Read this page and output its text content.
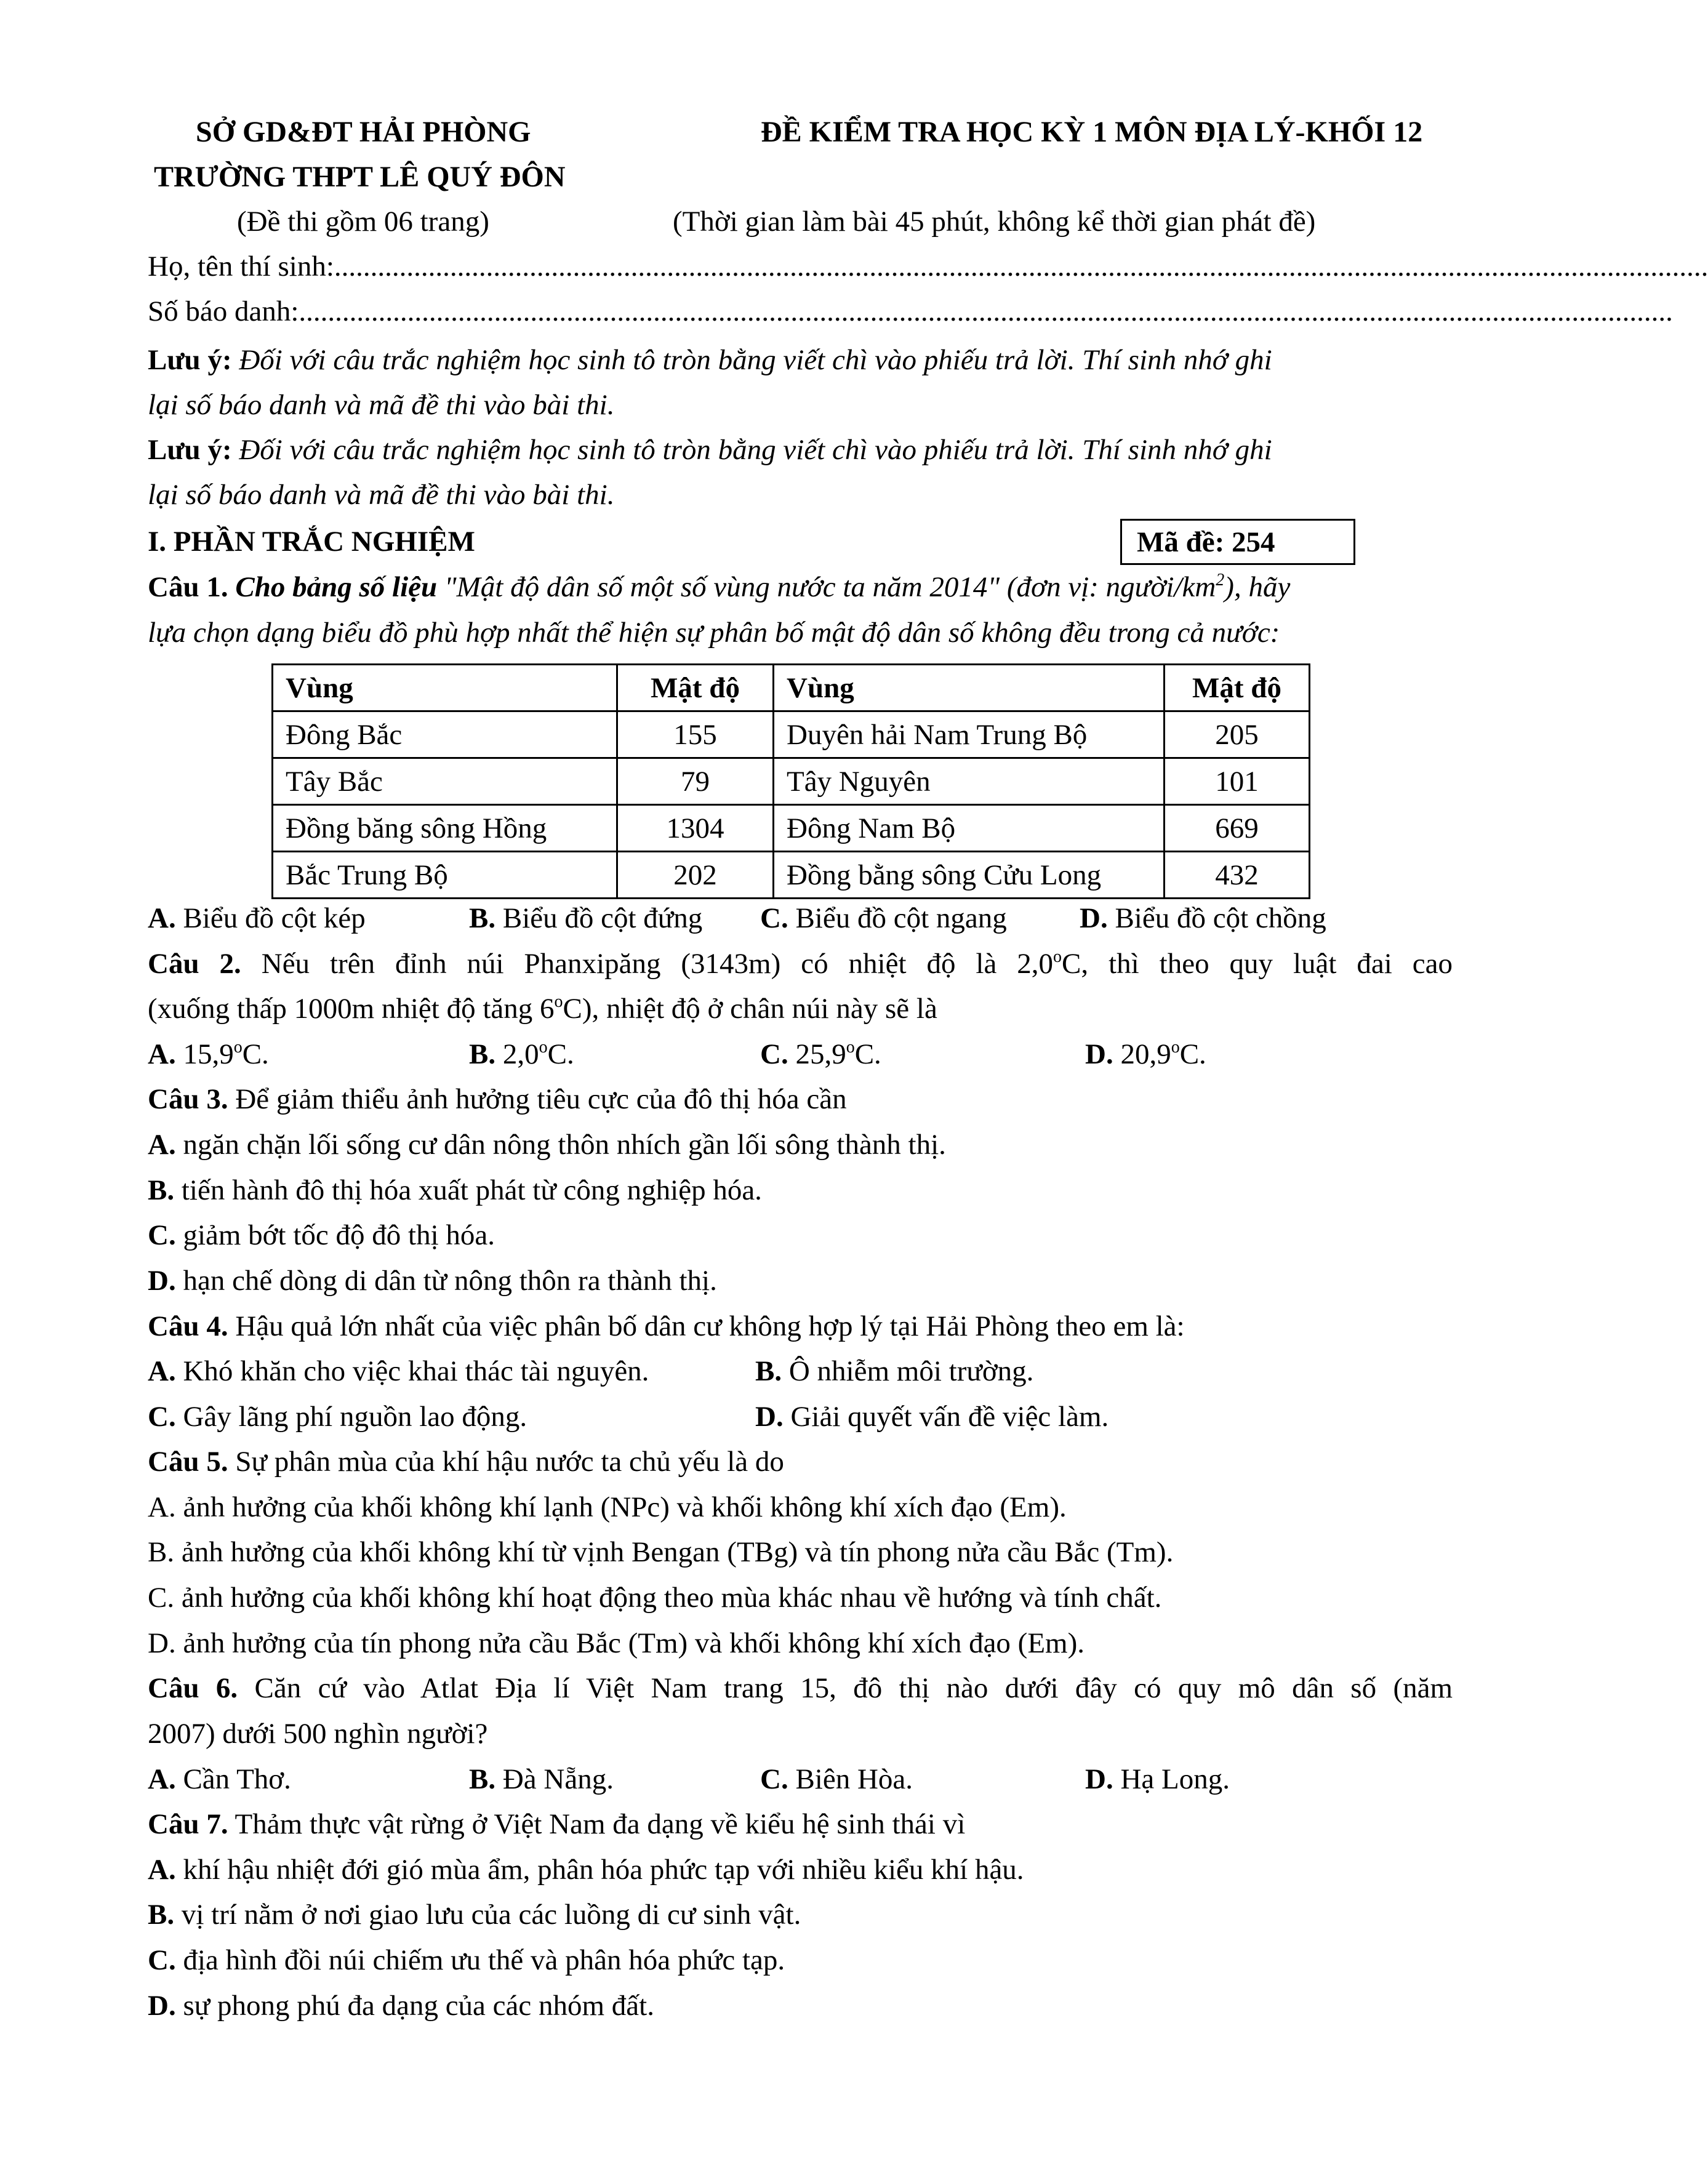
SỞ GD&ĐT HẢI PHÒNG	ĐỀ KIỂM TRA HỌC KỲ 1 MÔN ĐỊA LÝ-KHỐI 12
TRƯỜNG THPT LÊ QUÝ ĐÔN
(Đề thi gồm 06 trang)	(Thời gian làm bài 45 phút, không kể thời gian phát đề)
Họ, tên thí sinh:..............................................................................................................................................................................................
Số báo danh:..............................................................................................................................................................................................
Lưu ý: Đối với câu trắc nghiệm học sinh tô tròn bằng viết chì vào phiếu trả lời. Thí sinh nhớ ghi
lại số báo danh và mã đề thi vào bài thi.
Lưu ý: Đối với câu trắc nghiệm học sinh tô tròn bằng viết chì vào phiếu trả lời. Thí sinh nhớ ghi
lại số báo danh và mã đề thi vào bài thi.
I. PHẦN TRẮC NGHIỆM	Mã đề: 254
Câu 1. Cho bảng số liệu "Mật độ dân số một số vùng nước ta năm 2014" (đơn vị: người/$km^2$), hãy
lựa chọn dạng biểu đồ phù hợp nhất thể hiện sự phân bố mật độ dân số không đều trong cả nước:
Vùng	Mật độ	Vùng	Mật độ
Đông Bắc	155	Duyên hải Nam Trung Bộ	205
Tây Bắc	79	Tây Nguyên	101
Đồng băng sông Hồng	1304	Đông Nam Bộ	669
Bắc Trung Bộ	202	Đồng bằng sông Cửu Long	432
A. Biểu đồ cột kép	B. Biểu đồ cột đứng C. Biểu đồ cột ngang	D. Biểu đồ cột chồng
Câu 2. Nếu trên đỉnh núi Phanxipăng (3143m) có nhiệt độ là 2,0$^o$C, thì theo quy luật đai cao
(xuống thấp 1000m nhiệt độ tăng 6$^o$C), nhiệt độ ở chân núi này sẽ là
A. 15,9$^o$C.	B. 2,0$^o$C.	C. 25,9$^o$C.	D. 20,9$^o$C.
Câu 3. Để giảm thiểu ảnh hưởng tiêu cực của đô thị hóa cần
A. ngăn chặn lối sống cư dân nông thôn nhích gần lối sông thành thị.
B. tiến hành đô thị hóa xuất phát từ công nghiệp hóa.
C. giảm bớt tốc độ đô thị hóa.
D. hạn chế dòng di dân từ nông thôn ra thành thị.
Câu 4. Hậu quả lớn nhất của việc phân bố dân cư không hợp lý tại Hải Phòng theo em là:
A. Khó khăn cho việc khai thác tài nguyên.	B. Ô nhiễm môi trường.
C. Gây lãng phí nguồn lao động.	D. Giải quyết vấn đề việc làm.
Câu 5. Sự phân mùa của khí hậu nước ta chủ yếu là do
A. ảnh hưởng của khối không khí lạnh (NPc) và khối không khí xích đạo (Em).
B. ảnh hưởng của khối không khí từ vịnh Bengan (TBg) và tín phong nửa cầu Bắc (Tm).
C. ảnh hưởng của khối không khí hoạt động theo mùa khác nhau về hướng và tính chất.
D. ảnh hưởng của tín phong nửa cầu Bắc (Tm) và khối không khí xích đạo (Em).
Câu 6. Căn cứ vào Atlat Địa lí Việt Nam trang 15, đô thị nào dưới đây có quy mô dân số (năm
2007) dưới 500 nghìn người?
A. Cần Thơ.	B. Đà Nẵng.	C. Biên Hòa.	D. Hạ Long.
Câu 7. Thảm thực vật rừng ở Việt Nam đa dạng về kiểu hệ sinh thái vì
A. khí hậu nhiệt đới gió mùa ẩm, phân hóa phức tạp với nhiều kiểu khí hậu.
B. vị trí nằm ở nơi giao lưu của các luồng di cư sinh vật.
C. địa hình đồi núi chiếm ưu thế và phân hóa phức tạp.
D. sự phong phú đa dạng của các nhóm đất.
